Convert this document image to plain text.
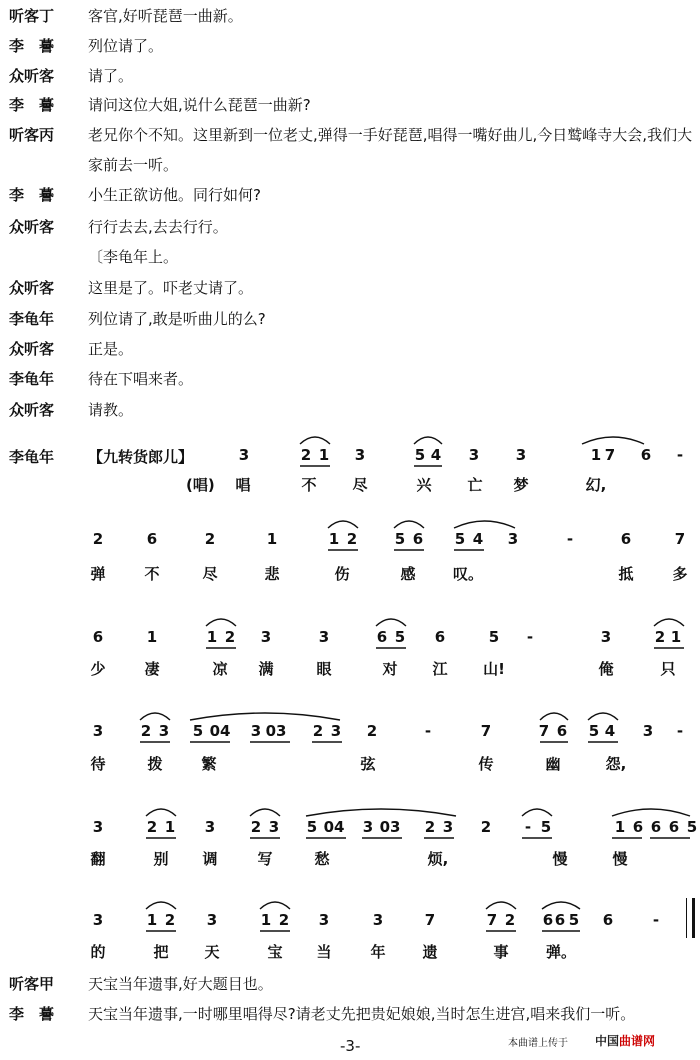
听客丁	客官,好听琵琶一曲新。
李　謩	列位请了。
众听客	请了。
李　謩	请问这位大姐,说什么琵琶一曲新?
听客丙	老兄你个不知。这里新到一位老丈,弹得一手好琵琶,唱得一嘴好曲儿,今日鹫峰寺大会,我们大家前去一听。
李　謩	小生正欲访他。同行如何?
众听客	行行去去,去去行行。
〔李龟年上。
众听客	这里是了。吓老丈请了。
李龟年	列位请了,敢是听曲儿的么?
众听客	正是。
李龟年	待在下唱来者。
众听客	请教。
李龟年 【九转货郎儿】
(唱)
3	2 1	3	5 4	3	3	1 7	6	-
唱	不	尽	兴	亡	梦	幻,
2	6	2	1	1 2	5 6	5 4	3	-	6	7
弹	不	尽	悲	伤	感	叹。	抵	多
6	1	1 2	3	3	6 5	6	5	-	3	2 1
少	凄	凉	满	眼	对	江	山!	俺	只
3	2 3	5 04	3 03	2 3	2	-	7	7 6	5 4	3	-
待	拨	繁	弦	传	幽	怨,
3	2 1	3	2 3	5 04	3 03	2 3	2	- 5	1 6 6 6 5
翻	别	调	写	愁	烦,	慢	慢
3	1 2	3	1 2	3	3	7	7 2	6 6 5	6	-
的	把	天	宝	当	年	遗	事	弹。
听客甲	天宝当年遗事,好大题目也。
李　謩	天宝当年遗事,一时哪里唱得尽?请老丈先把贵妃娘娘,当时怎生进宫,唱来我们一听。
-3-	本曲谱上传于 中国曲谱网
